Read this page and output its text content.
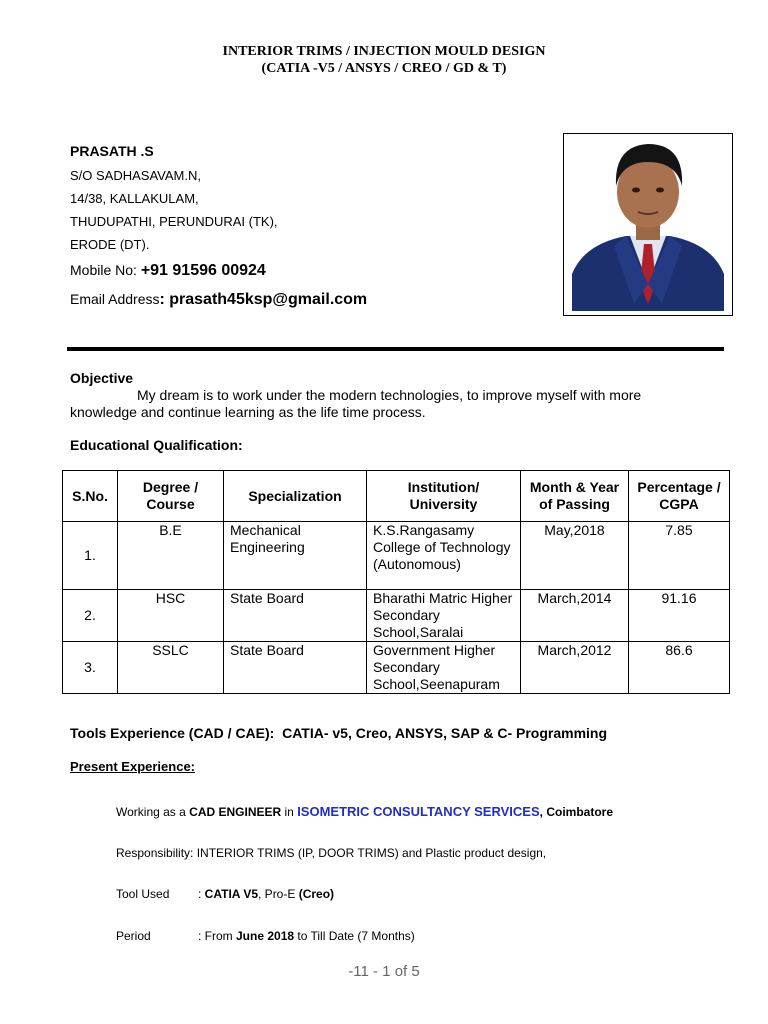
INTERIOR TRIMS / INJECTION MOULD DESIGN
(CATIA -V5 / ANSYS / CREO / GD & T)
PRASATH .S
S/O SADHASAVAM.N,
14/38, KALLAKULAM,
THUDUPATHI, PERUNDURAI (TK),
ERODE (DT).
Mobile No: +91 91596 00924
Email Address: prasath45ksp@gmail.com
Objective
My dream is to work under the modern technologies, to improve myself with more
knowledge and continue learning as the life time process.
Educational Qualification:
S.No.	Degree / Course	Specialization	Institution/ University	Month & Year of Passing	Percentage / CGPA
1.	B.E	Mechanical Engineering	K.S.Rangasamy College of Technology (Autonomous)	May,2018	7.85
2.	HSC	State Board	Bharathi Matric Higher Secondary School,Saralai	March,2014	91.16
3.	SSLC	State Board	Government Higher Secondary School,Seenapuram	March,2012	86.6
Tools Experience (CAD / CAE): CATIA- v5, Creo, ANSYS, SAP & C- Programming
Present Experience:
Working as a CAD ENGINEER in ISOMETRIC CONSULTANCY SERVICES, Coimbatore
Responsibility: INTERIOR TRIMS (IP, DOOR TRIMS) and Plastic product design,
Tool Used : CATIA V5, Pro-E (Creo)
Period	: From June 2018 to Till Date (7 Months)
-11 - 1 of 5
